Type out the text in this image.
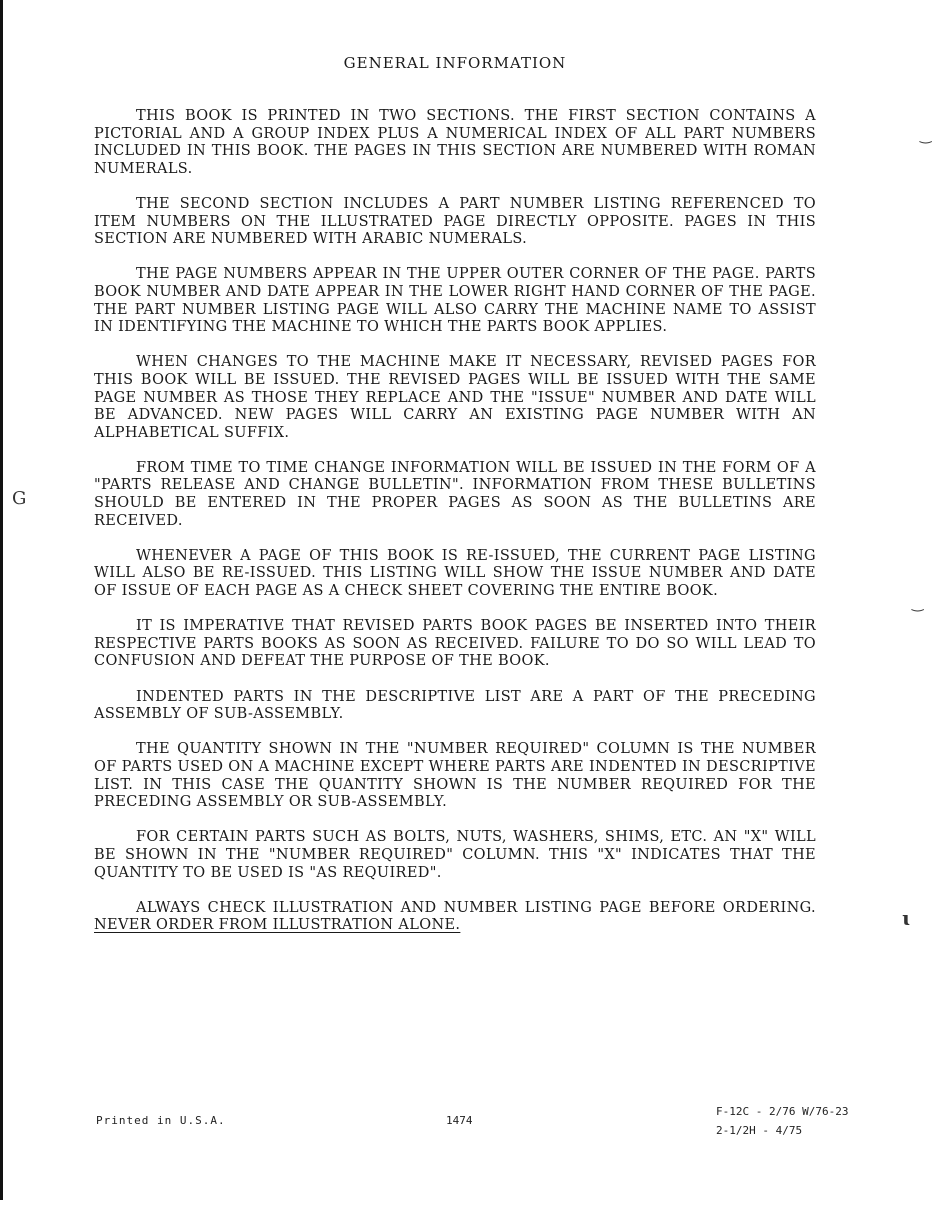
GENERAL INFORMATION

THIS BOOK IS PRINTED IN TWO SECTIONS. THE FIRST SECTION CONTAINS A PICTORIAL AND A GROUP INDEX PLUS A NUMERICAL INDEX OF ALL PART NUMBERS INCLUDED IN THIS BOOK. THE PAGES IN THIS SECTION ARE NUMBERED WITH ROMAN NUMERALS.

THE SECOND SECTION INCLUDES A PART NUMBER LISTING REFERENCED TO ITEM NUMBERS ON THE ILLUSTRATED PAGE DIRECTLY OPPOSITE. PAGES IN THIS SECTION ARE NUMBERED WITH ARABIC NUMERALS.

THE PAGE NUMBERS APPEAR IN THE UPPER OUTER CORNER OF THE PAGE. PARTS BOOK NUMBER AND DATE APPEAR IN THE LOWER RIGHT HAND CORNER OF THE PAGE. THE PART NUMBER LISTING PAGE WILL ALSO CARRY THE MACHINE NAME TO ASSIST IN IDENTIFYING THE MACHINE TO WHICH THE PARTS BOOK APPLIES.

WHEN CHANGES TO THE MACHINE MAKE IT NECESSARY, REVISED PAGES FOR THIS BOOK WILL BE ISSUED. THE REVISED PAGES WILL BE ISSUED WITH THE SAME PAGE NUMBER AS THOSE THEY REPLACE AND THE "ISSUE" NUMBER AND DATE WILL BE ADVANCED. NEW PAGES WILL CARRY AN EXISTING PAGE NUMBER WITH AN ALPHABETICAL SUFFIX.

FROM TIME TO TIME CHANGE INFORMATION WILL BE ISSUED IN THE FORM OF A "PARTS RELEASE AND CHANGE BULLETIN". INFORMATION FROM THESE BULLETINS SHOULD BE ENTERED IN THE PROPER PAGES AS SOON AS THE BULLETINS ARE RECEIVED.

WHENEVER A PAGE OF THIS BOOK IS RE-ISSUED, THE CURRENT PAGE LISTING WILL ALSO BE RE-ISSUED. THIS LISTING WILL SHOW THE ISSUE NUMBER AND DATE OF ISSUE OF EACH PAGE AS A CHECK SHEET COVERING THE ENTIRE BOOK.

IT IS IMPERATIVE THAT REVISED PARTS BOOK PAGES BE INSERTED INTO THEIR RESPECTIVE PARTS BOOKS AS SOON AS RECEIVED. FAILURE TO DO SO WILL LEAD TO CONFUSION AND DEFEAT THE PURPOSE OF THE BOOK.

INDENTED PARTS IN THE DESCRIPTIVE LIST ARE A PART OF THE PRECEDING ASSEMBLY OF SUB-ASSEMBLY.

THE QUANTITY SHOWN IN THE "NUMBER REQUIRED" COLUMN IS THE NUMBER OF PARTS USED ON A MACHINE EXCEPT WHERE PARTS ARE INDENTED IN DESCRIPTIVE LIST. IN THIS CASE THE QUANTITY SHOWN IS THE NUMBER REQUIRED FOR THE PRECEDING ASSEMBLY OR SUB-ASSEMBLY.

FOR CERTAIN PARTS SUCH AS BOLTS, NUTS, WASHERS, SHIMS, ETC. AN "X" WILL BE SHOWN IN THE "NUMBER REQUIRED" COLUMN. THIS "X" INDICATES THAT THE QUANTITY TO BE USED IS "AS REQUIRED".

ALWAYS CHECK ILLUSTRATION AND NUMBER LISTING PAGE BEFORE ORDERING. NEVER ORDER FROM ILLUSTRATION ALONE.

Printed in U.S.A.	1474
F-12C - 2/76 W/76-23
2-1/2H - 4/75
‿
‿
ɩ
G
